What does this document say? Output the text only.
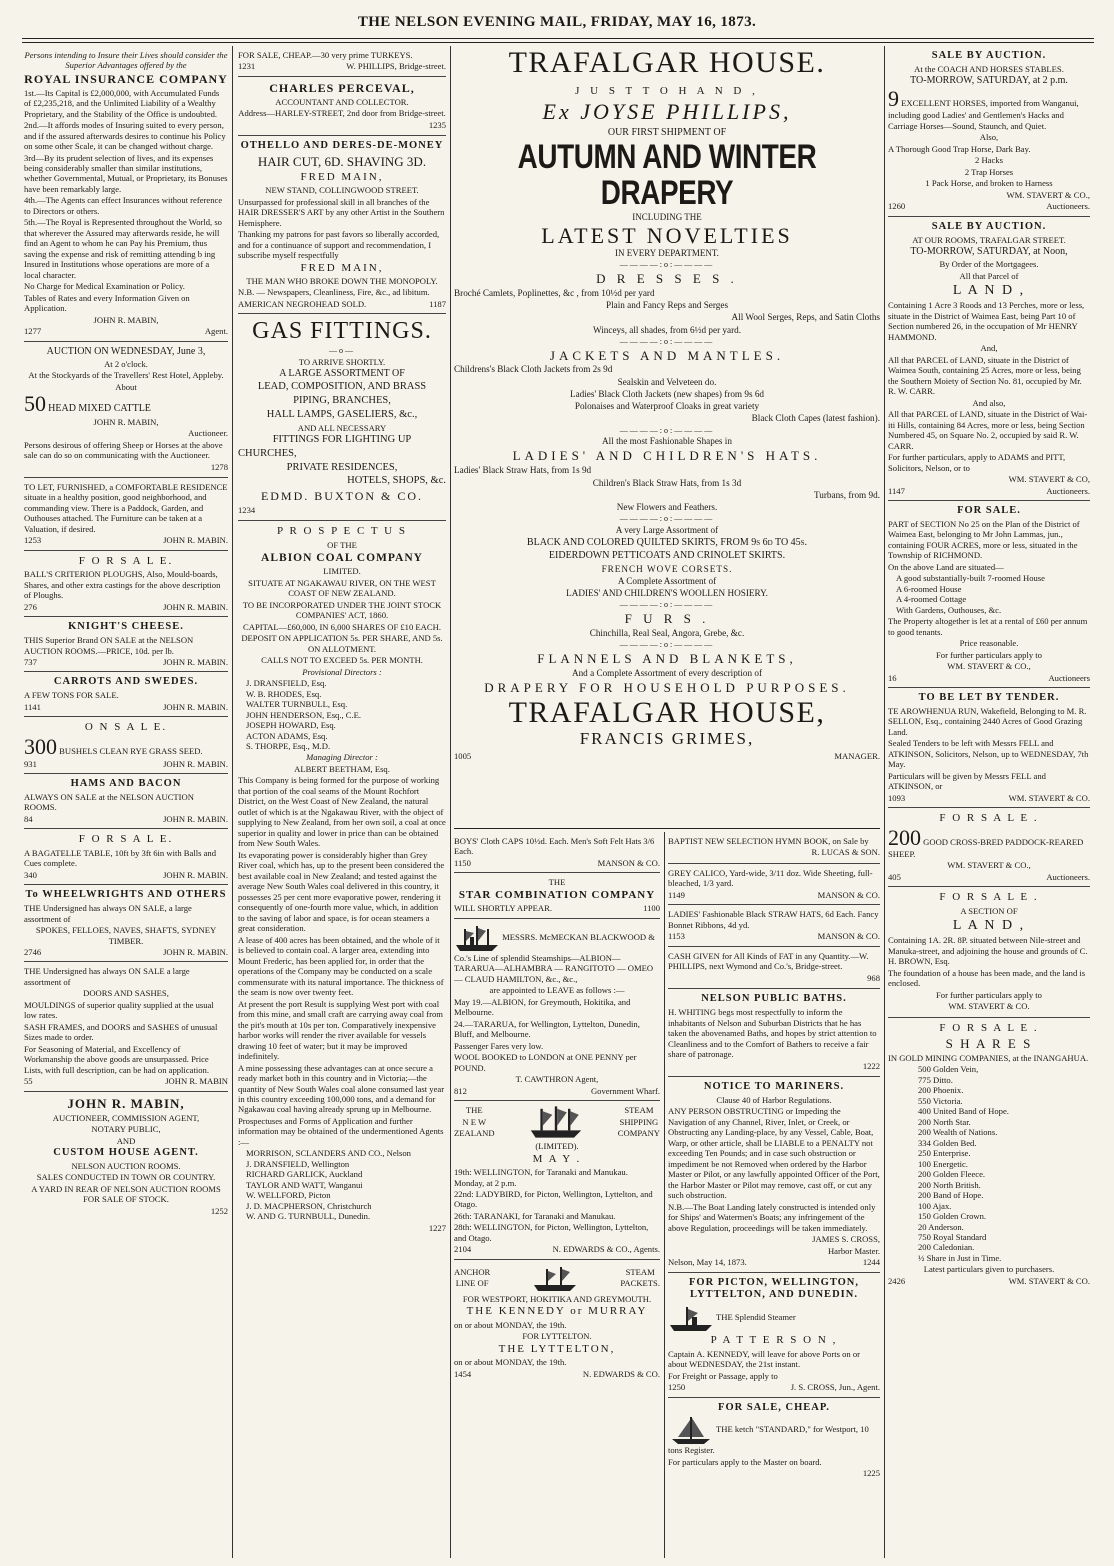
THE NELSON EVENING MAIL, FRIDAY, MAY 16, 1873.

Persons intending to Insure their Lives should consider the Superior Advantages offered by the

ROYAL INSURANCE COMPANY

1st.—Its Capital is £2,000,000, with Accumulated Funds of £2,235,218, and the Unlimited Liability of a Wealthy Proprietary, and the Stability of the Office is undoubted.

2nd.—It affords modes of Insuring suited to every person, and if the assured afterwards desires to continue his Policy on some other Scale, it can be changed without charge.

3rd—By its prudent selection of lives, and its expenses being considerably smaller than similar institutions, whether Governmental, Mutual, or Proprietary, its Bonuses have been remarkably large.

4th.—The Agents can effect Insurances without reference to Directors or others.

5th.—The Royal is Represented throughout the World, so that wherever the Assured may afterwards reside, he will find an Agent to whom he can Pay his Premium, thus saving the expense and risk of remitting attending b ing Insured in Institutions whose operations are more of a local character.

No Charge for Medical Examination or Policy.

Tables of Rates and every Information Given on Application.

JOHN R. MABIN,

1277	Agent.

AUCTION ON WEDNESDAY, June 3,

At 2 o'clock.

At the Stockyards of the Travellers' Rest Hotel, Appleby.

About

50 HEAD MIXED CATTLE

JOHN R. MABIN,

Auctioneer.

Persons desirous of offering Sheep or Horses at the above sale can do so on communicating with the Auctioneer.

1278

TO LET, FURNISHED, a COMFORTABLE RESIDENCE situate in a healthy position, good neighborhood, and commanding view. There is a Paddock, Garden, and Outhouses attached. The Furniture can be taken at a Valuation, if desired.

1253	JOHN R. MABIN.

F O R S A L E.

BALL'S CRITERION PLOUGHS, Also, Mould-boards, Shares, and other extra castings for the above description of Ploughs.

276	JOHN R. MABIN.

KNIGHT'S CHEESE.

THIS Superior Brand ON SALE at the NELSON AUCTION ROOMS.—PRICE, 10d. per lb.

737	JOHN R. MABIN.

CARROTS AND SWEDES.

A FEW TONS FOR SALE.

1141	JOHN R. MABIN.

O N S A L E.

300 BUSHELS CLEAN RYE GRASS SEED.

931	JOHN R. MABIN.

HAMS AND BACON

ALWAYS ON SALE at the NELSON AUCTION ROOMS.

84	JOHN R. MABIN.

F O R S A L E.

A BAGATELLE TABLE, 10ft by 3ft 6in with Balls and Cues complete.

340	JOHN R. MABIN.

To WHEELWRIGHTS AND OTHERS

THE Undersigned has always ON SALE, a large assortment of

SPOKES, FELLOES, NAVES, SHAFTS, SYDNEY TIMBER.

2746	JOHN R. MABIN.

THE Undersigned has always ON SALE a large assortment of

DOORS AND SASHES,

MOULDINGS of superior quality supplied at the usual low rates.

SASH FRAMES, and DOORS and SASHES of unusual Sizes made to order.

For Seasoning of Material, and Excellency of Workmanship the above goods are unsurpassed. Price Lists, with full description, can be had on application.

55	JOHN R. MABIN

JOHN R. MABIN,

AUCTIONEER, COMMISSION AGENT,

NOTARY PUBLIC,

AND

CUSTOM HOUSE AGENT.

NELSON AUCTION ROOMS.

SALES CONDUCTED IN TOWN OR COUNTRY.

A YARD IN REAR OF NELSON AUCTION ROOMS FOR SALE OF STOCK.

1252

FOR SALE, CHEAP.—30 very prime TURKEYS.

1231	W. PHILLIPS, Bridge-street.

CHARLES PERCEVAL,

ACCOUNTANT AND COLLECTOR.

Address—HARLEY-STREET, 2nd door from Bridge-street.

1235

OTHELLO AND DERES-DE-MONEY

HAIR CUT, 6D. SHAVING 3D.

FRED MAIN,

NEW STAND, COLLINGWOOD STREET.

Unsurpassed for professional skill in all branches of the HAIR DRESSER'S ART by any other Artist in the Southern Hemisphere.

Thanking my patrons for past favors so liberally accorded, and for a continuance of support and recommendation, I subscribe myself respectfully

FRED MAIN,

THE MAN WHO BROKE DOWN THE MONOPOLY.

N.B. — Newspapers, Cleanliness, Fire, &c., ad libitum.

AMERICAN NEGROHEAD SOLD.	1187

GAS FITTINGS.

—o—

TO ARRIVE SHORTLY.

A LARGE ASSORTMENT OF

LEAD, COMPOSITION, AND BRASS

PIPING, BRANCHES,

HALL LAMPS, GASELIERS, &c.,

AND ALL NECESSARY

FITTINGS FOR LIGHTING UP

CHURCHES,

PRIVATE RESIDENCES,

HOTELS, SHOPS, &c.

EDMD. BUXTON & CO.

1234

P R O S P E C T U S

OF THE

ALBION COAL COMPANY

LIMITED.

SITUATE AT NGAKAWAU RIVER, ON THE WEST COAST OF NEW ZEALAND.

TO BE INCORPORATED UNDER THE JOINT STOCK COMPANIES' ACT, 1860.

CAPITAL—£60,000, IN 6,000 SHARES OF £10 EACH.

DEPOSIT ON APPLICATION 5s. PER SHARE, AND 5s. ON ALLOTMENT.

CALLS NOT TO EXCEED 5s. PER MONTH.

Provisional Directors :

J. DRANSFIELD, Esq.
W. B. RHODES, Esq.
WALTER TURNBULL, Esq.
JOHN HENDERSON, Esq., C.E.
JOSEPH HOWARD, Esq.
ACTON ADAMS, Esq.
S. THORPE, Esq., M.D.

Managing Director :

ALBERT BEETHAM, Esq.

This Company is being formed for the purpose of working that portion of the coal seams of the Mount Rochfort District, on the West Coast of New Zealand, the natural outlet of which is at the Ngakawau River, with the object of supplying to New Zealand, from her own soil, a coal at once superior in quality and lower in price than can be obtained from New South Wales.

Its evaporating power is considerably higher than Grey River coal, which has, up to the present been considered the best available coal in New Zealand; and tested against the average New South Wales coal delivered in this country, it possesses 25 per cent more evaporative power, rendering it consequently of one-fourth more value, which, in addition to the saving of labor and space, is for ocean steamers a great consideration.

A lease of 400 acres has been obtained, and the whole of it is believed to contain coal. A larger area, extending into Mount Frederic, has been applied for, in order that the operations of the Company may be conducted on a scale commensurate with its natural importance. The thickness of the seam is now over twenty feet.

At present the port Result is supplying West port with coal from this mine, and small craft are carrying away coal from the pit's mouth at 10s per ton. Comparatively inexpensive harbor works will render the river available for vessels drawing 10 feet of water; but it may be improved indefinitely.

A mine possessing these advantages can at once secure a ready market both in this country and in Victoria;—the quantity of New South Wales coal alone consumed last year in this country exceeding 100,000 tons, and a demand for Ngakawau coal having already sprung up in Melbourne.

Prospectuses and Forms of Application and further information may be obtained of the undermentioned Agents :—

MORRISON, SCLANDERS AND CO., Nelson
J. DRANSFIELD, Wellington
RICHARD GARLICK, Auckland
TAYLOR AND WATT, Wanganui
W. WELLFORD, Picton
J. D. MACPHERSON, Christchurch
W. AND G. TURNBULL, Dunedin.

1227

TRAFALGAR HOUSE.

J U S T T O H A N D ,

Ex JOYSE PHILLIPS,

OUR FIRST SHIPMENT OF

AUTUMN AND WINTER DRAPERY

INCLUDING THE

LATEST NOVELTIES

IN EVERY DEPARTMENT.

————:o:————

D R E S S E S .

Broché Camlets, Poplinettes, &c , from 10½d per yard

Plain and Fancy Reps and Serges

All Wool Serges, Reps, and Satin Cloths

Winceys, all shades, from 6½d per yard.

————:o:————

JACKETS AND MANTLES.

Childrens's Black Cloth Jackets from 2s 9d

Sealskin and Velveteen do.

Ladies' Black Cloth Jackets (new shapes) from 9s 6d

Polonaises and Waterproof Cloaks in great variety

Black Cloth Capes (latest fashion).

————:o:————

All the most Fashionable Shapes in

LADIES' AND CHILDREN'S HATS.

Ladies' Black Straw Hats, from 1s 9d

Children's Black Straw Hats, from 1s 3d

Turbans, from 9d.

New Flowers and Feathers.

————:o:————

A very Large Assortment of

BLACK AND COLORED QUILTED SKIRTS, FROM 9s 6d TO 45s.

EIDERDOWN PETTICOATS AND CRINOLET SKIRTS.

FRENCH WOVE CORSETS.

A Complete Assortment of

LADIES' AND CHILDREN'S WOOLLEN HOSIERY.

————:o:————

F U R S .

Chinchilla, Real Seal, Angora, Grebe, &c.

————:o:————

FLANNELS AND BLANKETS,

And a Complete Assortment of every description of

DRAPERY FOR HOUSEHOLD PURPOSES.

TRAFALGAR HOUSE,

FRANCIS GRIMES,

1005	MANAGER.

BOYS' Cloth CAPS 10½d. Each. Men's Soft Felt Hats 3/6 Each.

1150	MANSON & CO.

THE

STAR COMBINATION COMPANY

WILL SHORTLY APPEAR.	1100

MESSRS. McMECKAN BLACKWOOD & Co.'s Line of splendid Steamships—ALBION—TARARUA—ALHAMBRA — RANGITOTO — OMEO — CLAUD HAMILTON, &c., &c.,

are appointed to LEAVE as follows :—

May 19.—ALBION, for Greymouth, Hokitika, and Melbourne.

24.—TARARUA, for Wellington, Lyttelton, Dunedin, Bluff, and Melbourne.

Passenger Fares very low.

WOOL BOOKED to LONDON at ONE PENNY per POUND.

T. CAWTHRON Agent,

812	Government Wharf.

THE

N E W

ZEALAND

STEAM

SHIPPING

COMPANY

(LIMITED).

M A Y .

19th: WELLINGTON, for Taranaki and Manukau. Monday, at 2 p.m.

22nd: LADYBIRD, for Picton, Wellington, Lyttelton, and Otago.

26th: TARANAKI, for Taranaki and Manukau.

28th: WELLINGTON, for Picton, Wellington, Lyttelton, and Otago.

2104	N. EDWARDS & CO., Agents.

ANCHOR

LINE OF

STEAM

PACKETS.

FOR WESTPORT, HOKITIKA AND GREYMOUTH.

THE KENNEDY or MURRAY

on or about MONDAY, the 19th.

FOR LYTTELTON.

THE LYTTELTON,

on or about MONDAY, the 19th.

1454	N. EDWARDS & CO.

BAPTIST NEW SELECTION HYMN BOOK, on Sale by

R. LUCAS & SON.

GREY CALICO, Yard-wide, 3/11 doz. Wide Sheeting, full-bleached, 1/3 yard.

1149	MANSON & CO.

LADIES' Fashionable Black STRAW HATS, 6d Each. Fancy Bonnet Ribbons, 4d yd.

1153	MANSON & CO.

CASH GIVEN for All Kinds of FAT in any Quantity.—W. PHILLIPS, next Wymond and Co.'s, Bridge-street.

968

NELSON PUBLIC BATHS.

H. WHITING begs most respectfully to inform the inhabitants of Nelson and Suburban Districts that he has taken the abovenamed Baths, and hopes by strict attention to Cleanliness and to the Comfort of Bathers to receive a fair share of patronage.

1222

NOTICE TO MARINERS.

Clause 40 of Harbor Regulations.

ANY PERSON OBSTRUCTING or Impeding the Navigation of any Channel, River, Inlet, or Creek, or Obstructing any Landing-place, by any Vessel, Cable, Boat, Warp, or other article, shall be LIABLE to a PENALTY not exceeding Ten Pounds; and in case such obstruction or impediment be not Removed when ordered by the Harbor Master or Pilot, or any lawfully appointed Officer of the Port, the Harbor Master or Pilot may remove, cast off, or cut any such obstruction.

N.B.—The Boat Landing lately constructed is intended only for Ships' and Watermen's Boats; any infringement of the above Regulation, proceedings will be taken immediately.

JAMES S. CROSS,

Harbor Master.

Nelson, May 14, 1873.	1244

FOR PICTON, WELLINGTON, LYTTELTON, AND DUNEDIN.

THE Splendid Steamer

P A T T E R S O N ,

Captain A. KENNEDY, will leave for above Ports on or about WEDNESDAY, the 21st instant.

For Freight or Passage, apply to

1250	J. S. CROSS, Jun., Agent.

FOR SALE, CHEAP.

THE ketch "STANDARD," for Westport, 10 tons Register.

For particulars apply to the Master on board.

1225

SALE BY AUCTION.

At the COACH AND HORSES STABLES.

TO-MORROW, SATURDAY, at 2 p.m.

9 EXCELLENT HORSES, imported from Wanganui, including good Ladies' and Gentlemen's Hacks and Carriage Horses—Sound, Staunch, and Quiet.

Also,

A Thorough Good Trap Horse, Dark Bay.

2 Hacks

2 Trap Horses

1 Pack Horse, and broken to Harness

WM. STAVERT & CO.,

1260	Auctioneers.

SALE BY AUCTION.

AT OUR ROOMS, TRAFALGAR STREET.

TO-MORROW, SATURDAY, at Noon,

By Order of the Mortgagees.

All that Parcel of

L A N D ,

Containing 1 Acre 3 Roods and 13 Perches, more or less, situate in the District of Waimea East, being Part 10 of Section numbered 26, in the occupation of Mr HENRY HAMMOND.

And,

All that PARCEL of LAND, situate in the District of Waimea South, containing 25 Acres, more or less, being the Southern Moiety of Section No. 81, occupied by Mr. R. W. CARR.

And also,

All that PARCEL of LAND, situate in the District of Wai-iti Hills, containing 84 Acres, more or less, being Section Numbered 45, on Square No. 2, occupied by said R. W. CARR.

For further particulars, apply to ADAMS and PITT, Solicitors, Nelson, or to

WM. STAVERT & CO,

1147	Auctioneers.

FOR SALE.

PART of SECTION No 25 on the Plan of the District of Waimea East, belonging to Mr John Lammas, jun., containing FOUR ACRES, more or less, situated in the Township of RICHMOND.

On the above Land are situated—

A good substantially-built 7-roomed House
A 6-roomed House
A 4-roomed Cottage
With Gardens, Outhouses, &c.

The Property altogether is let at a rental of £60 per annum to good tenants.

Price reasonable.

For further particulars apply to

WM. STAVERT & CO.,

16	Auctioneers

TO BE LET BY TENDER.

TE AROWHENUA RUN, Wakefield, Belonging to M. R. SELLON, Esq., containing 2440 Acres of Good Grazing Land.

Sealed Tenders to be left with Messrs FELL and ATKINSON, Solicitors, Nelson, up to WEDNESDAY, 7th May.

Particulars will be given by Messrs FELL and ATKINSON, or

1093	WM. STAVERT & CO.

F O R S A L E .

200 GOOD CROSS-BRED PADDOCK-REARED SHEEP.

WM. STAVERT & CO.,

405	Auctioneers.

F O R S A L E .

A SECTION OF

L A N D ,

Containing 1A. 2R. 8P. situated between Nile-street and Manuka-street, and adjoining the house and grounds of C. H. BROWN, Esq.

The foundation of a house has been made, and the land is enclosed.

For further particulars apply to

WM. STAVERT & CO.

F O R S A L E .

S H A R E S

IN GOLD MINING COMPANIES, at the INANGAHUA.

500 Golden Vein,
775 Ditto.
200 Phoenix.
550 Victoria.
400 United Band of Hope.
200 North Star.
200 Wealth of Nations.
334 Golden Bed.
250 Enterprise.
100 Energetic.
200 Golden Fleece.
200 North British.
200 Band of Hope.
100 Ajax.
150 Golden Crown.
20 Anderson.
750 Royal Standard
200 Caledonian.
½ Share in Just in Time.

Latest particulars given to purchasers.

2426	WM. STAVERT & CO.
